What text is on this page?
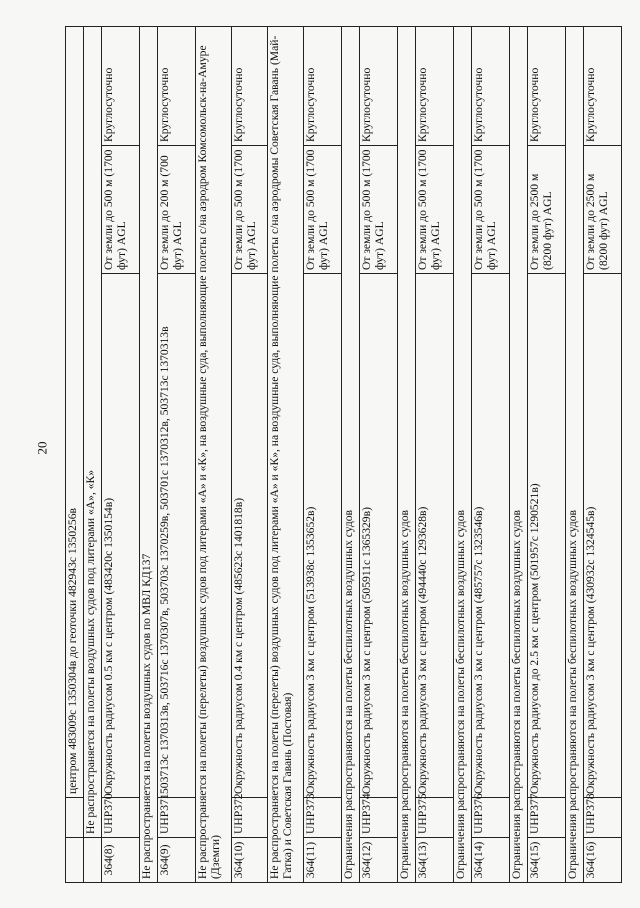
20
		центром 483009с 1350304в до геоточки 482943с 1350256в		
	Не распространяется на полеты воздушных судов под литерами «А», «К»			
364(8)	UHP370	Окружность радиусом 0.5 км с центром (483420с 1350154в)	От земли до 500 м (1700 фут) AGL	Круглосуточно
Не распространяется на полеты воздушных судов по МВЛ КД137				
364(9)	UHP371	503713с 1370313в, 503716с 1370307в, 503703с 1370259в, 503701с 1370312в, 503713с 1370313в	От земли до 200 м (700 фут) AGL	Круглосуточно
Не распространяется на полеты (перелеты) воздушных судов под литерами «А» и «К», на воздушные суда, выполняющие полеты с/на аэродром Комсомольск-на-Амуре (Дземги)				
364(10)	UHP372	Окружность радиусом 0.4 км с центром (485623с 1401818в)	От земли до 500 м (1700 фут) AGL	Круглосуточно
Не распространяется на полеты (перелеты) воздушных судов под литерами «А» и «К», на воздушные суда, выполняющие полеты с/на аэродромы Советская Гавань (Май-Гатка) и Советская Гавань (Постовая)				
364(11)	UHP373	Окружность радиусом 3 км с центром (513938с 1353652в)	От земли до 500 м (1700 фут) AGL	Круглосуточно
Ограничения распространяются на полеты беспилотных воздушных судов				
364(12)	UHP374	Окружность радиусом 3 км с центром (505911с 1365329в)	От земли до 500 м (1700 фут) AGL	Круглосуточно
Ограничения распространяются на полеты беспилотных воздушных судов				
364(13)	UHP375	Окружность радиусом 3 км с центром (494440с 1293628в)	От земли до 500 м (1700 фут) AGL	Круглосуточно
Ограничения распространяются на полеты беспилотных воздушных судов				
364(14)	UHP376	Окружность радиусом 3 км с центром (485757с 1323546в)	От земли до 500 м (1700 фут) AGL	Круглосуточно
Ограничения распространяются на полеты беспилотных воздушных судов				
364(15)	UHP377	Окружность радиусом до 2.5 км с центром (501957с 1290521в)	От земли до 2500 м (8200 фут) AGL	Круглосуточно
Ограничения распространяются на полеты беспилотных воздушных судов				
364(16)	UHP378	Окружность радиусом 3 км с центром (430932с 1324545в)	От земли до 2500 м (8200 фут) AGL	Круглосуточно
